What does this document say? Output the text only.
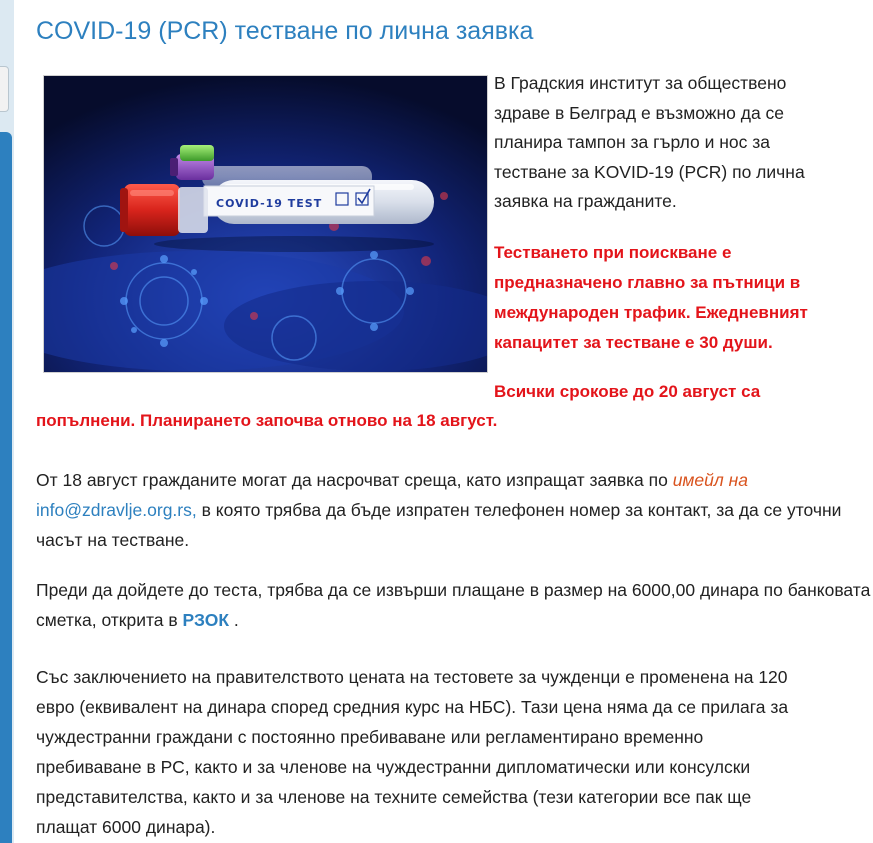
COVID-19 (PCR) тестване по лична заявка
COVID-19 TEST

В Градския институт за обществено
здраве в Белград е възможно да се
планира тампон за гърло и нос за
тестване за KOVID-19 (PCR) по лична
заявка на гражданите.

Тестването при поискване е
предназначено главно за пътници в
международен трафик. Ежедневният
капацитет за тестване е 30 души.

Всички срокове до 20 август са

попълнени. Планирането започва отново на 18 август.

От 18 август гражданите могат да насрочват среща, като изпращат заявка по имейл на
info@zdravlje.org.rs, в която трябва да бъде изпратен телефонен номер за контакт, за да се уточни часът на тестване.

Преди да дойдете до теста, трябва да се извърши плащане в размер на 6000,00 динара по банковата сметка, открита в РЗОК .

Със заключението на правителството цената на тестовете за чужденци е променена на 120
евро (еквивалент на динара според средния курс на НБС). Тази цена няма да се прилага за
чуждестранни граждани с постоянно пребиваване или регламентирано временно
пребиваване в РС, както и за членове на чуждестранни дипломатически или консулски
представителства, както и за членове на техните семейства (тези категории все пак ще
плащат 6000 динара).
